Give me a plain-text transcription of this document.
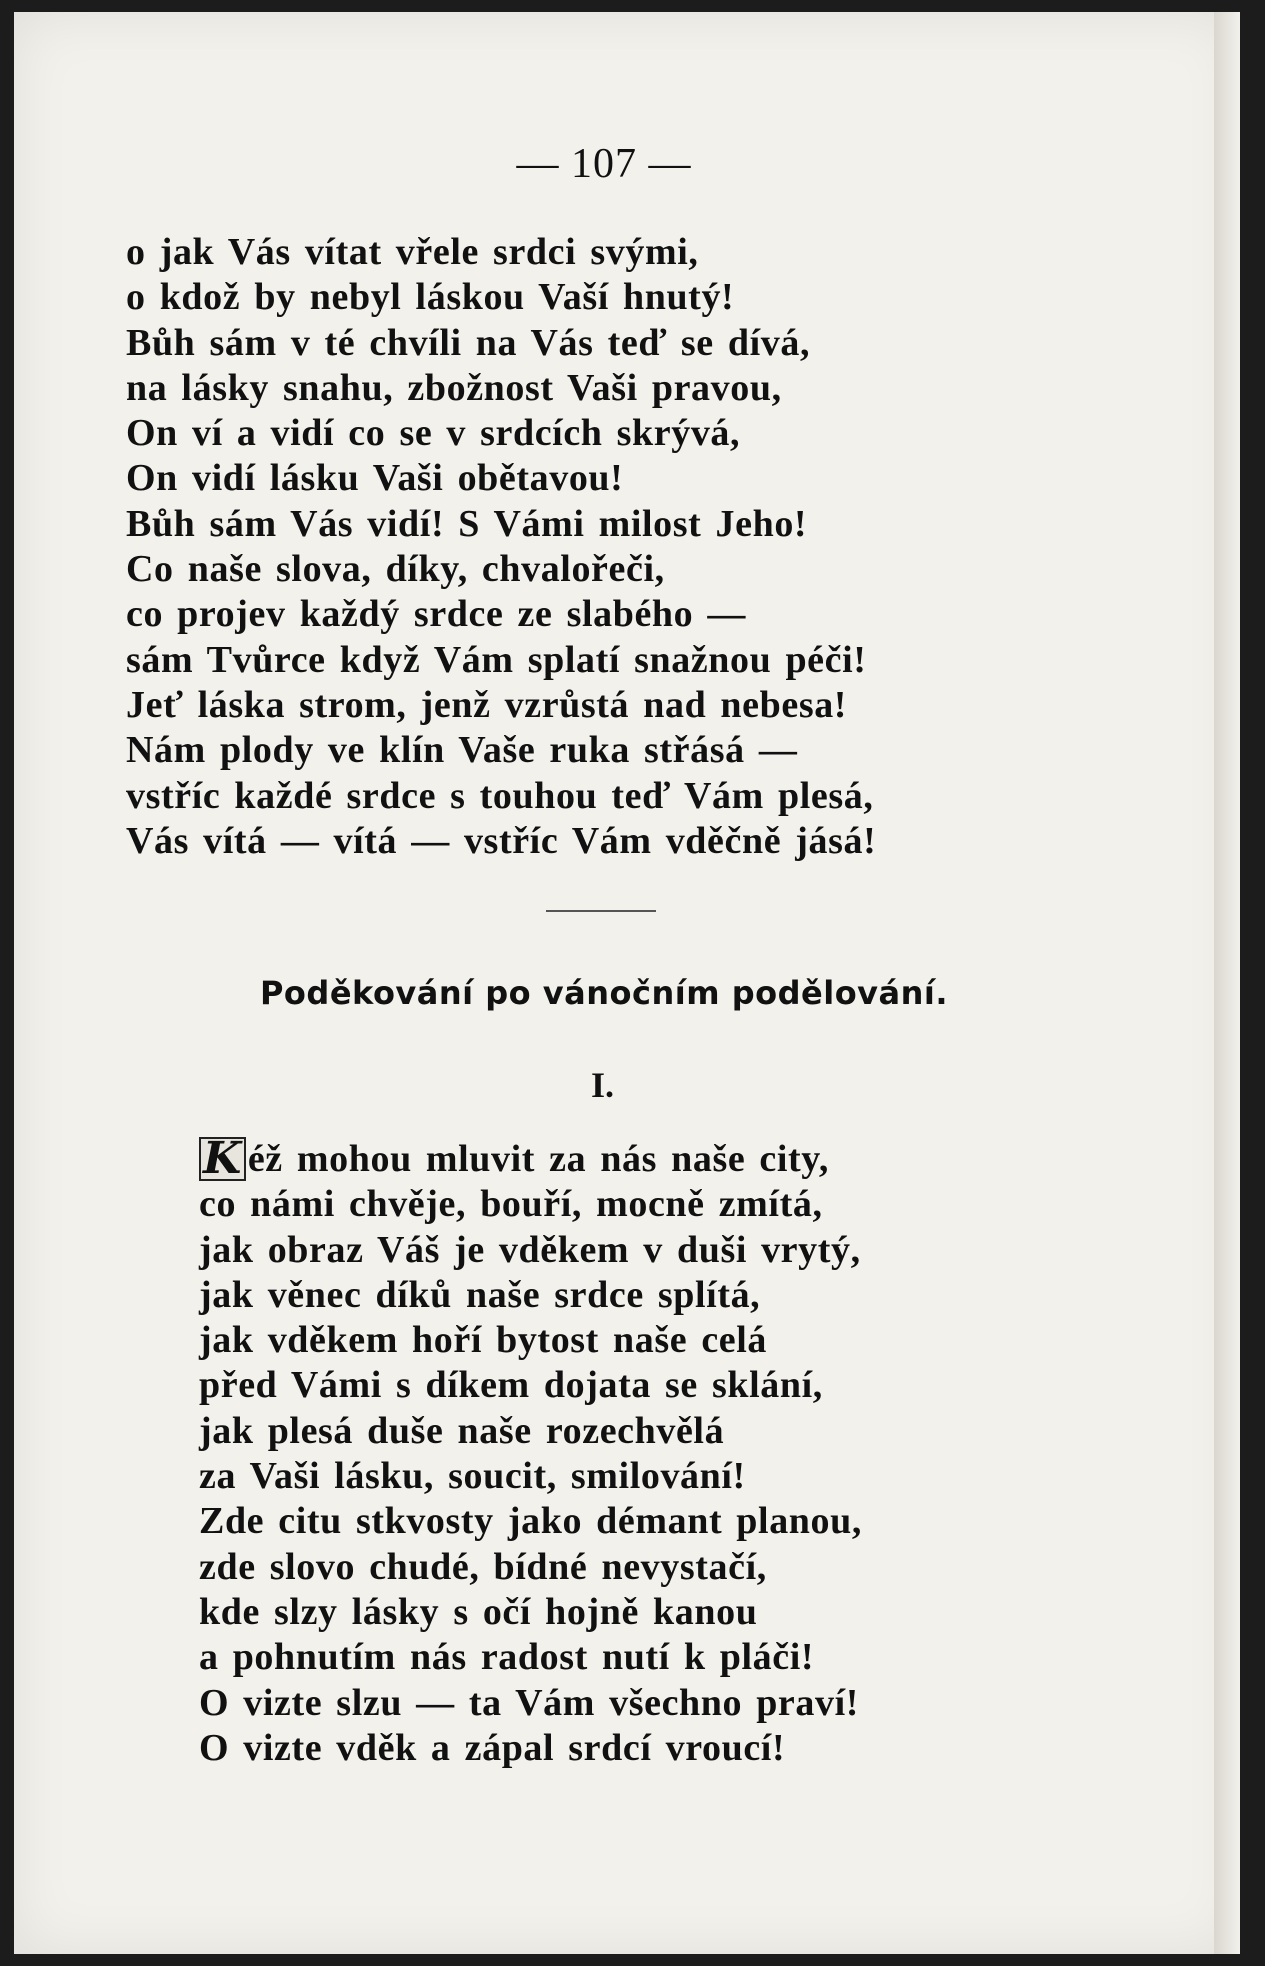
— 107 —
o jak Vás vítat vřele srdci svými,
o kdož by nebyl láskou Vaší hnutý!
Bůh sám v té chvíli na Vás teď se dívá,
na lásky snahu, zbožnost Vaši pravou,
On ví a vidí co se v srdcích skrývá,
On vidí lásku Vaši obětavou!
Bůh sám Vás vidí! S Vámi milost Jeho!
Co naše slova, díky, chvalořeči,
co projev každý srdce ze slabého —
sám Tvůrce když Vám splatí snažnou péči!
Jeť láska strom, jenž vzrůstá nad nebesa!
Nám plody ve klín Vaše ruka střásá —
vstříc každé srdce s touhou teď Vám plesá,
Vás vítá — vítá — vstříc Vám vděčně jásá!
Poděkování po vánočním podělování.
I.
K éž mohou mluvit za nás naše city,
co námi chvěje, bouří, mocně zmítá,
jak obraz Váš je vděkem v duši vrytý,
jak věnec díků naše srdce splítá,
jak vděkem hoří bytost naše celá
před Vámi s díkem dojata se sklání,
jak plesá duše naše rozechvělá
za Vaši lásku, soucit, smilování!
Zde citu stkvosty jako démant planou,
zde slovo chudé, bídné nevystačí,
kde slzy lásky s očí hojně kanou
a pohnutím nás radost nutí k pláči!
O vizte slzu — ta Vám všechno praví!
O vizte vděk a zápal srdcí vroucí!
